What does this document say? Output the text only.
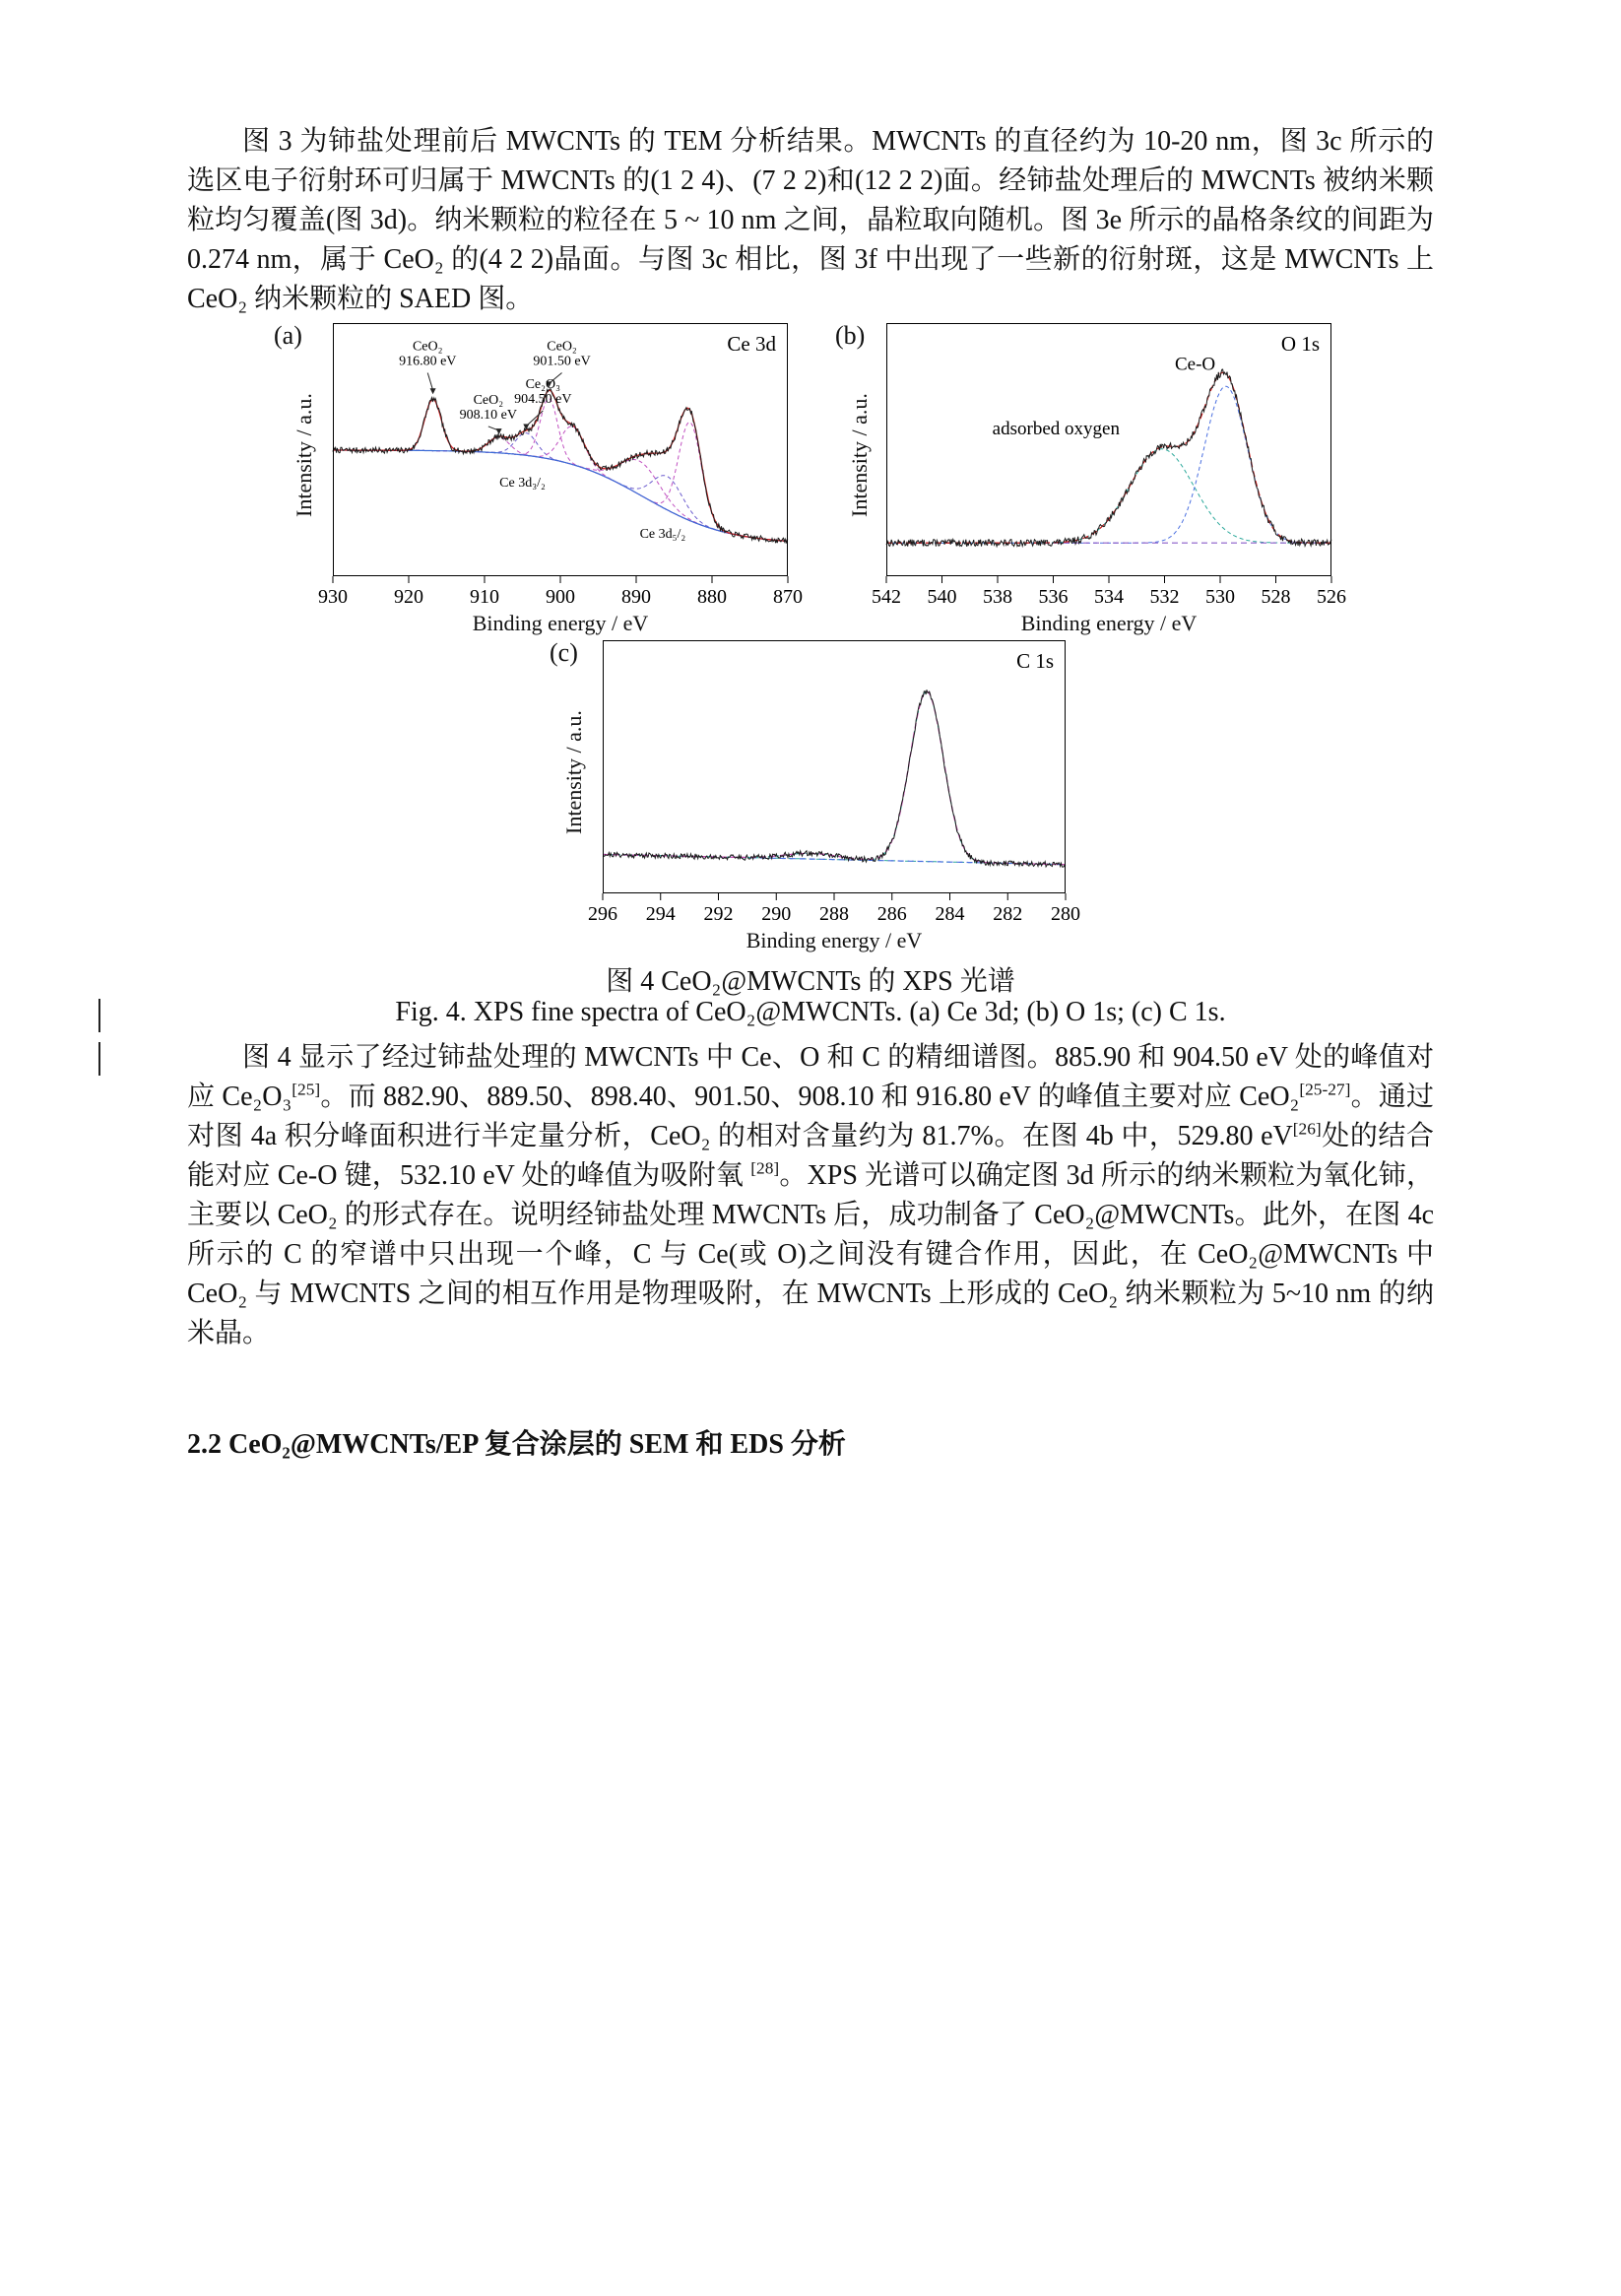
图 3 为铈盐处理前后 MWCNTs 的 TEM 分析结果。MWCNTs 的直径约为 10-20 nm，图 3c 所示的选区电子衍射环可归属于 MWCNTs 的(1 2 4)、(7 2 2)和(12 2 2)面。经铈盐处理后的 MWCNTs 被纳米颗粒均匀覆盖(图 3d)。纳米颗粒的粒径在 5 ~ 10 nm 之间，晶粒取向随机。图 3e 所示的晶格条纹的间距为 0.274 nm，属于 CeO₂ 的(4 2 2)晶面。与图 3c 相比，图 3f 中出现了一些新的衍射斑，这是 MWCNTs 上 CeO₂ 纳米颗粒的 SAED 图。

(a)
Intensity / a.u.
930 920 910 900 890 880 870
Ce 3d
CeO₂
916.80 eV
CeO₂
901.50 eV
Ce₂O₃
904.50 eV
CeO₂
908.10 eV
Ce 3d₃/₂
Ce 3d₅/₂
Binding energy / eV
(b)
Intensity / a.u.
542 540 538 536 534 532 530 528 526
O 1s
Ce-O
adsorbed oxygen
Binding energy / eV
(c)
Intensity / a.u.
296 294 292 290 288 286 284 282 280
C 1s
Binding energy / eV
图 4 CeO₂@MWCNTs 的 XPS 光谱
Fig. 4. XPS fine spectra of CeO₂@MWCNTs. (a) Ce 3d; (b) O 1s; (c) C 1s.

图 4 显示了经过铈盐处理的 MWCNTs 中 Ce、O 和 C 的精细谱图。885.90 和 904.50 eV 处的峰值对应 Ce₂O₃[25]。而 882.90、889.50、898.40、901.50、908.10 和 916.80 eV 的峰值主要对应 CeO₂[25-27]。通过对图 4a 积分峰面积进行半定量分析，CeO₂ 的相对含量约为 81.7%。在图 4b 中，529.80 eV[26]处的结合能对应 Ce-O 键，532.10 eV 处的峰值为吸附氧 [28]。XPS 光谱可以确定图 3d 所示的纳米颗粒为氧化铈，主要以 CeO₂ 的形式存在。说明经铈盐处理 MWCNTs 后，成功制备了 CeO₂@MWCNTs。此外，在图 4c 所示的 C 的窄谱中只出现一个峰，C 与 Ce(或 O)之间没有键合作用，因此，在 CeO₂@MWCNTs 中 CeO₂ 与 MWCNTS 之间的相互作用是物理吸附，在 MWCNTs 上形成的 CeO₂ 纳米颗粒为 5~10 nm 的纳米晶。

2.2 CeO₂@MWCNTs/EP 复合涂层的 SEM 和 EDS 分析
